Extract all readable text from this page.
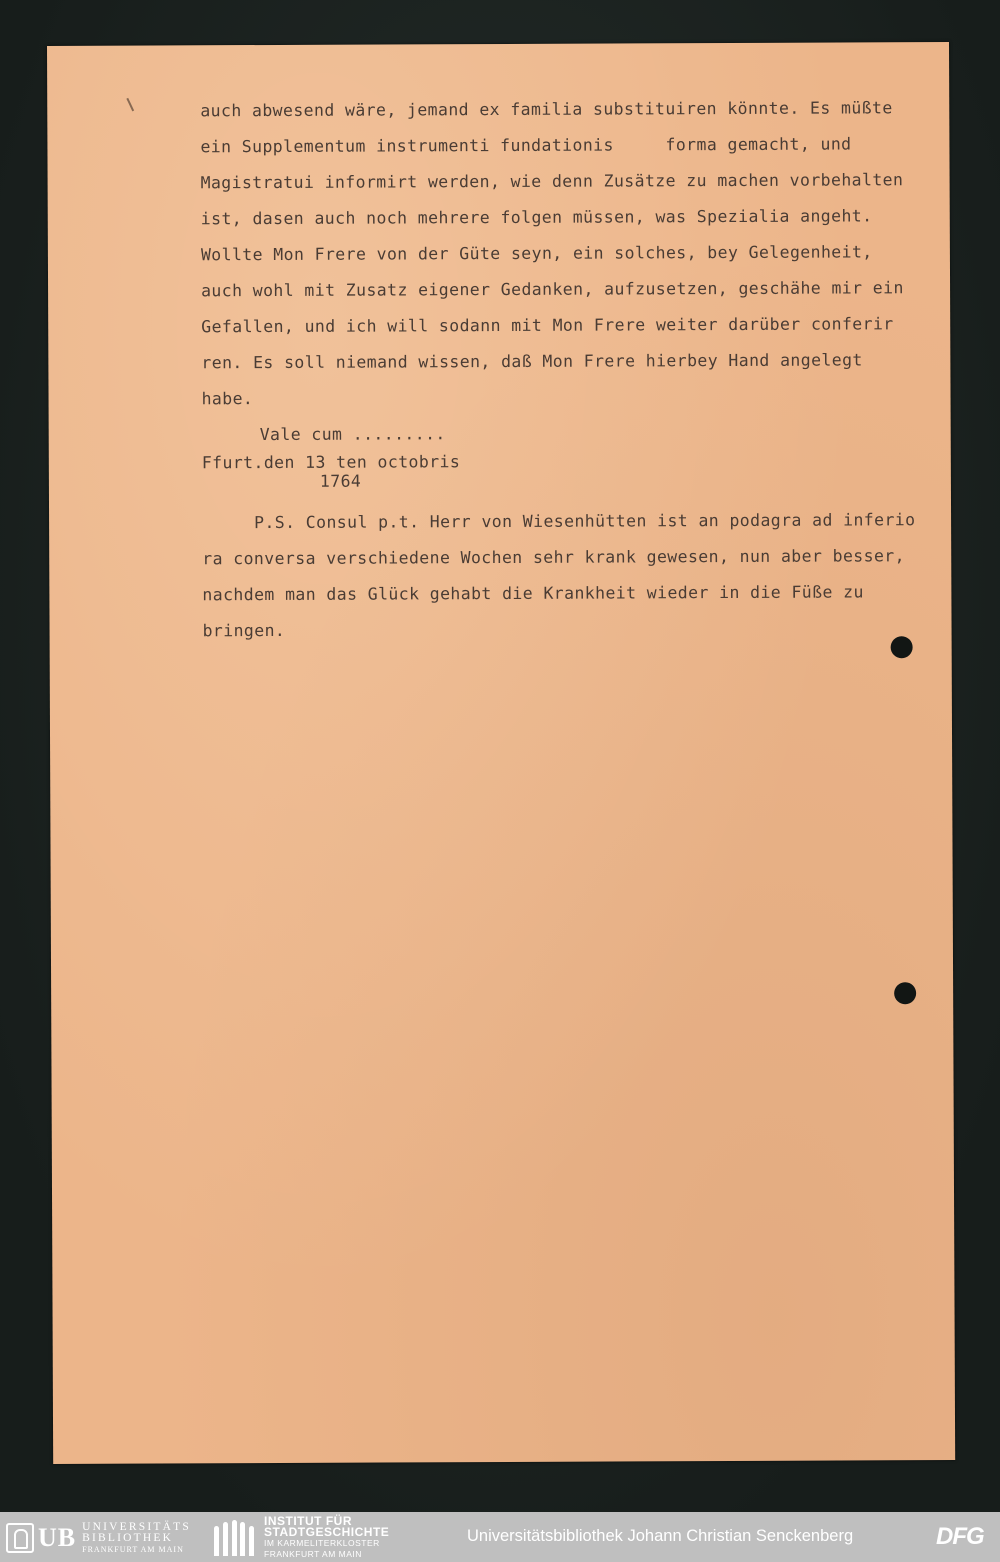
auch abwesend wäre, jemand ex familia substituiren könnte. Es müßte
ein Supplementum instrumenti fundationis     forma gemacht, und
Magistratui informirt werden, wie denn Zusätze zu machen vorbehalten
ist, dasen auch noch mehrere folgen müssen, was Spezialia angeht.
Wollte Mon Frere von der Güte seyn, ein solches, bey Gelegenheit,
auch wohl mit Zusatz eigener Gedanken, aufzusetzen, geschähe mir ein
Gefallen, und ich will sodann mit Mon Frere weiter darüber conferir
ren. Es soll niemand wissen, daß Mon Frere hierbey Hand angelegt
habe.
Vale cum .........
Ffurt.den 13 ten octobris
1764
P.S. Consul p.t. Herr von Wiesenhütten ist an podagra ad inferio
ra conversa verschiedene Wochen sehr krank gewesen, nun aber besser,
nachdem man das Glück gehabt die Krankheit wieder in die Füße zu
bringen.
UB UNIVERSITÄTS
BIBLIOTHEK
FRANKFURT AM MAIN
INSTITUT FÜR
STADTGESCHICHTE
IM KARMELITERKLOSTER
FRANKFURT AM MAIN
Universitätsbibliothek Johann Christian Senckenberg	DFG
